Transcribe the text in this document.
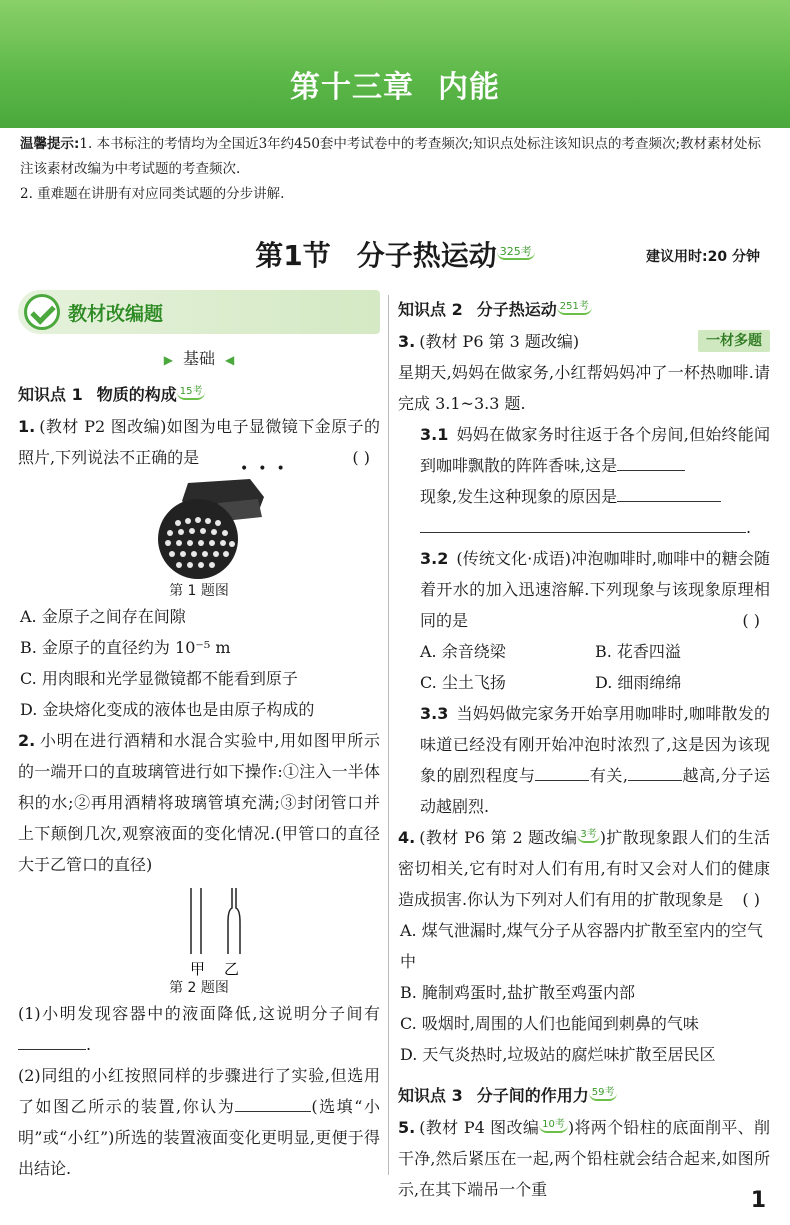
第十三章 内能
温馨提示:1. 本书标注的考情均为全国近3年约450套中考试卷中的考查频次;知识点处标注该知识点的考查频次;教材素材处标注该素材改编为中考试题的考查频次.
2. 重难题在讲册有对应同类试题的分步讲解.
第1节 分子热运动 325考	建议用时:20 分钟
教材改编题
▶ 基础 ◀
知识点 1 物质的构成 15考

1. (教材 P2 图改编)如图为电子显微镜下金原子的照片,下列说法不正确的是	( )

•••
第 1 题图

A. 金原子之间存在间隙

B. 金原子的直径约为 10⁻⁵ m

C. 用肉眼和光学显微镜都不能看到原子

D. 金块熔化变成的液体也是由原子构成的

2. 小明在进行酒精和水混合实验中,用如图甲所示的一端开口的直玻璃管进行如下操作:①注入一半体积的水;②再用酒精将玻璃管填充满;③封闭管口并上下颠倒几次,观察液面的变化情况.(甲管口的直径大于乙管口的直径)

甲 乙
第 2 题图

(1)小明发现容器中的液面降低,这说明分子间有.

(2)同组的小红按照同样的步骤进行了实验,但选用了如图乙所示的装置,你认为	(选填“小明”或“小红”)所选的装置液面变化更明显,更便于得出结论.

知识点 2 分子热运动 251考

3. (教材 P6 第 3 题改编)	一材多题

星期天,妈妈在做家务,小红帮妈妈冲了一杯热咖啡.请完成 3.1~3.3 题.

3.1 妈妈在做家务时往返于各个房间,但始终能闻到咖啡飘散的阵阵香味,这是
现象,发生这种现象的原因是
.

3.2 (传统文化·成语)冲泡咖啡时,咖啡中的糖会随着开水的加入迅速溶解.下列现象与该现象原理相同的是	( )

A. 余音绕梁	B. 花香四溢
C. 尘土飞扬	D. 细雨绵绵

3.3 当妈妈做完家务开始享用咖啡时,咖啡散发的味道已经没有刚开始冲泡时浓烈了,这是因为该现象的剧烈程度与	有关,	越高,分子运动越剧烈.

4. (教材 P6 第 2 题改编 3考 )扩散现象跟人们的生活密切相关,它有时对人们有用,有时又会对人们的健康造成损害.你认为下列对人们有用的扩散现象是 ( )

A. 煤气泄漏时,煤气分子从容器内扩散至室内的空气中

B. 腌制鸡蛋时,盐扩散至鸡蛋内部

C. 吸烟时,周围的人们也能闻到刺鼻的气味

D. 天气炎热时,垃圾站的腐烂味扩散至居民区

知识点 3 分子间的作用力 59考

5. (教材 P4 图改编 10考 )将两个铅柱的底面削平、削干净,然后紧压在一起,两个铅柱就会结合起来,如图所示,在其下端吊一个重	1
